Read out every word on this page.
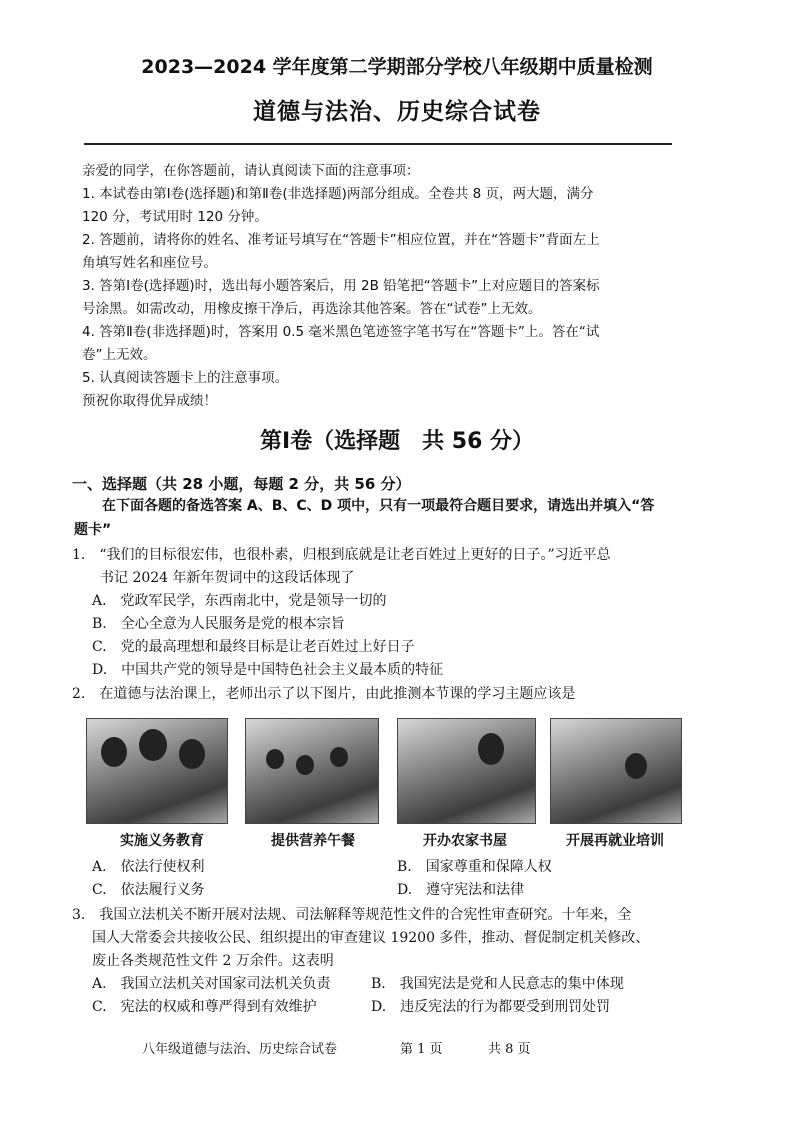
2023—2024 学年度第二学期部分学校八年级期中质量检测
道德与法治、历史综合试卷
亲爱的同学，在你答题前，请认真阅读下面的注意事项：
1. 本试卷由第Ⅰ卷(选择题)和第Ⅱ卷(非选择题)两部分组成。全卷共 8 页，两大题，满分
120 分，考试用时 120 分钟。
2. 答题前，请将你的姓名、准考证号填写在“答题卡”相应位置，并在“答题卡”背面左上
角填写姓名和座位号。
3. 答第Ⅰ卷(选择题)时，选出每小题答案后，用 2B 铅笔把“答题卡”上对应题目的答案标
号涂黑。如需改动，用橡皮擦干净后，再选涂其他答案。答在“试卷”上无效。
4. 答第Ⅱ卷(非选择题)时，答案用 0.5 毫米黑色笔迹签字笔书写在“答题卡”上。答在“试
卷”上无效。
5. 认真阅读答题卡上的注意事项。
预祝你取得优异成绩！
第Ⅰ卷（选择题　共 56 分）
一、选择题（共 28 小题，每题 2 分，共 56 分）
在下面各题的备选答案 A、B、C、D 项中，只有一项最符合题目要求，请选出并填入“答
题卡”
1.　“我们的目标很宏伟，也很朴素，归根到底就是让老百姓过上更好的日子。”习近平总
书记 2024 年新年贺词中的这段话体现了
A.　党政军民学，东西南北中，党是领导一切的
B.　全心全意为人民服务是党的根本宗旨
C.　党的最高理想和最终目标是让老百姓过上好日子
D.　中国共产党的领导是中国特色社会主义最本质的特征
2.　在道德与法治课上，老师出示了以下图片，由此推测本节课的学习主题应该是
实施义务教育	提供营养午餐	开办农家书屋	开展再就业培训
A.　依法行使权利	B.　国家尊重和保障人权
C.　依法履行义务	D.　遵守宪法和法律
3.　我国立法机关不断开展对法规、司法解释等规范性文件的合宪性审查研究。十年来，全
国人大常委会共接收公民、组织提出的审查建议 19200 多件，推动、督促制定机关修改、
废止各类规范性文件 2 万余件。这表明
A.　我国立法机关对国家司法机关负责	B.　我国宪法是党和人民意志的集中体现
C.　宪法的权威和尊严得到有效维护	D.　违反宪法的行为都要受到刑罚处罚
八年级道德与法治、历史综合试卷	第 1 页	共 8 页
